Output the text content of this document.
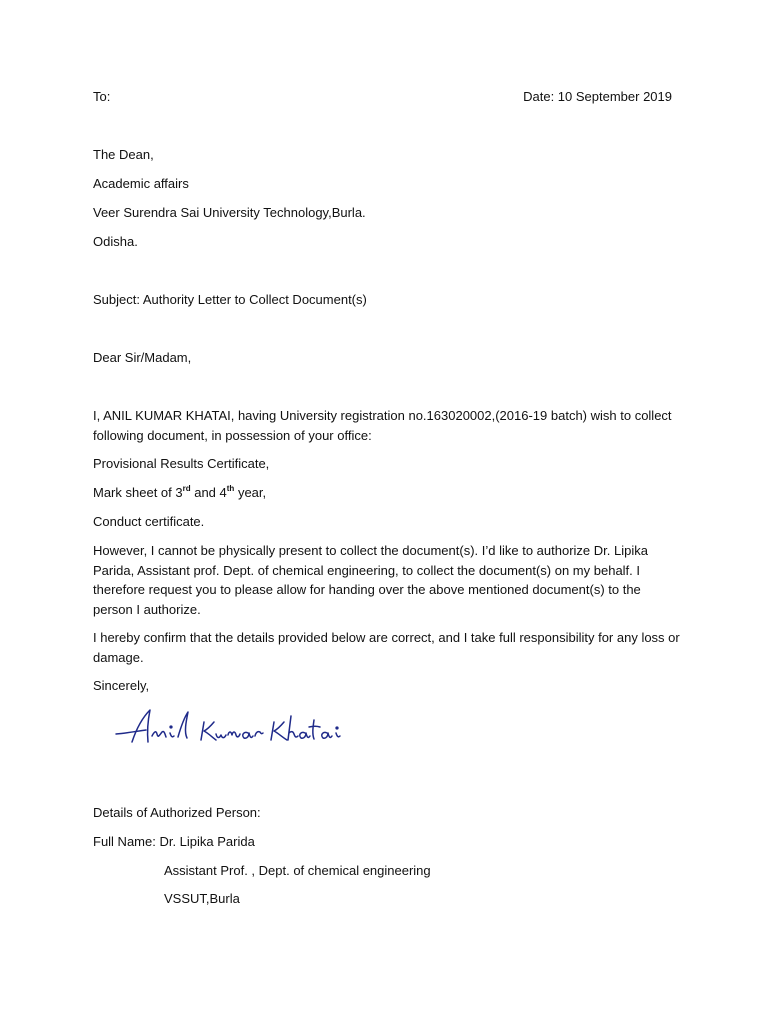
To:	Date: 10 September 2019
The Dean,
Academic affairs
Veer Surendra Sai University Technology,Burla.
Odisha.
Subject: Authority Letter to Collect Document(s)
Dear Sir/Madam,

I, ANIL KUMAR KHATAI, having University registration no.163020002,(2016-19 batch) wish to collect following document, in possession of your office:

Provisional Results Certificate,
Mark sheet of 3rd and 4th year,
Conduct certificate.

However, I cannot be physically present to collect the document(s). I’d like to authorize Dr. Lipika Parida, Assistant prof. Dept. of chemical engineering, to collect the document(s) on my behalf. I therefore request you to please allow for handing over the above mentioned document(s) to the person I authorize.

I hereby confirm that the details provided below are correct, and I take full responsibility for any loss or damage.

Sincerely,
Details of Authorized Person:
Full Name: Dr. Lipika Parida
Assistant Prof. , Dept. of chemical engineering
VSSUT,Burla
